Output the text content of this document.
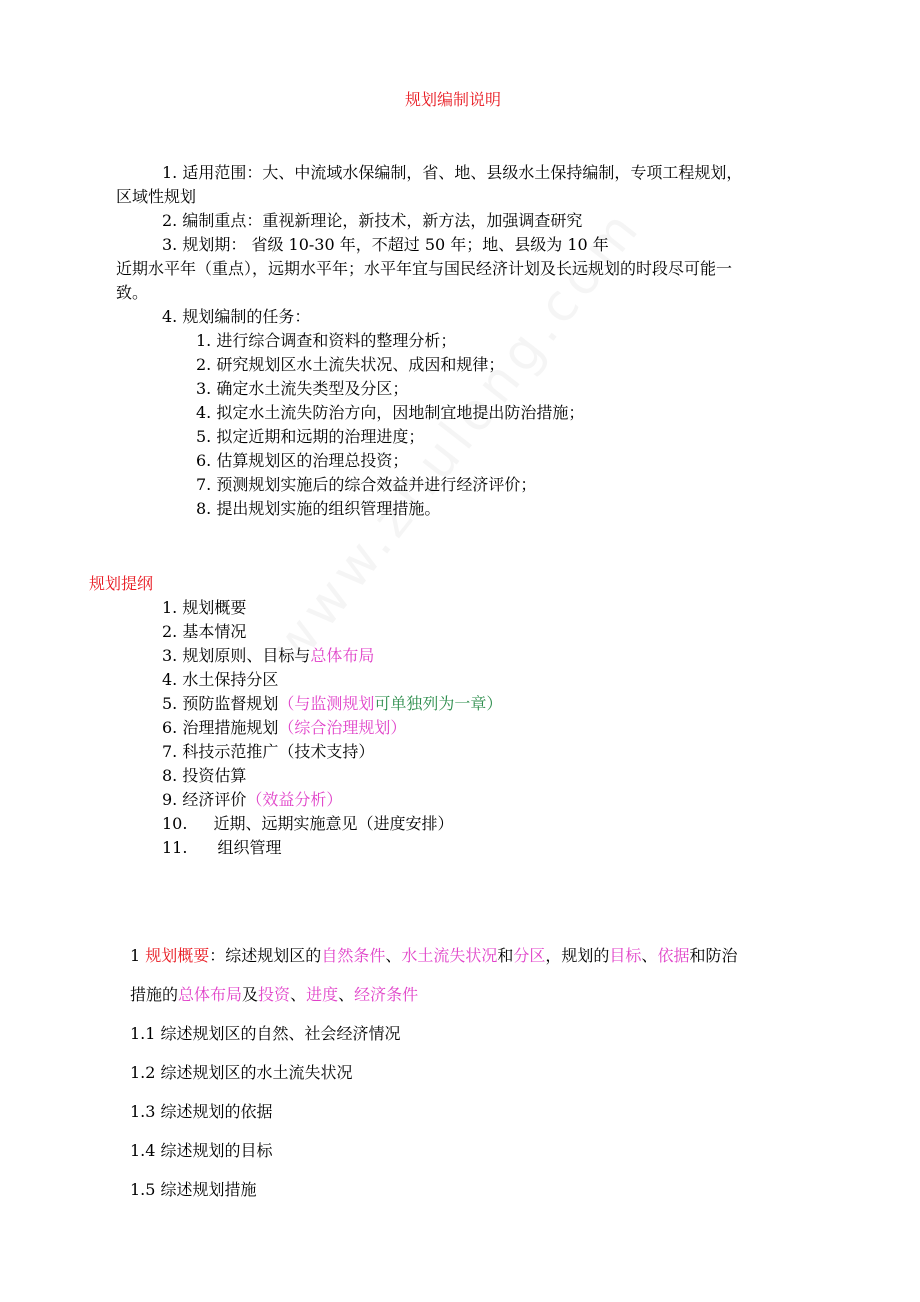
规划编制说明
1. 适用范围：大、中流域水保编制，省、地、县级水土保持编制，专项工程规划，
区域性规划
2. 编制重点：重视新理论，新技术，新方法，加强调查研究
3. 规划期： 省级 10-30 年，不超过 50 年；地、县级为 10 年
近期水平年（重点），远期水平年；水平年宜与国民经济计划及长远规划的时段尽可能一
致。
4. 规划编制的任务：
1. 进行综合调查和资料的整理分析；
2. 研究规划区水土流失状况、成因和规律；
3. 确定水土流失类型及分区；
4. 拟定水土流失防治方向，因地制宜地提出防治措施；
5. 拟定近期和远期的治理进度；
6. 估算规划区的治理总投资；
7. 预测规划实施后的综合效益并进行经济评价；
8. 提出规划实施的组织管理措施。
规划提纲
1. 规划概要
2. 基本情况
3. 规划原则、目标与总体布局
4. 水土保持分区
5. 预防监督规划（与监测规划可单独列为一章）
6. 治理措施规划（综合治理规划）
7. 科技示范推广（技术支持）
8. 投资估算
9. 经济评价（效益分析）
10. 近期、远期实施意见（进度安排）
11. 组织管理
1 规划概要：综述规划区的自然条件、水土流失状况和分区，规划的目标、依据和防治
措施的总体布局及投资、进度、经济条件
1.1 综述规划区的自然、社会经济情况
1.2 综述规划区的水土流失状况
1.3 综述规划的依据
1.4 综述规划的目标
1.5 综述规划措施
